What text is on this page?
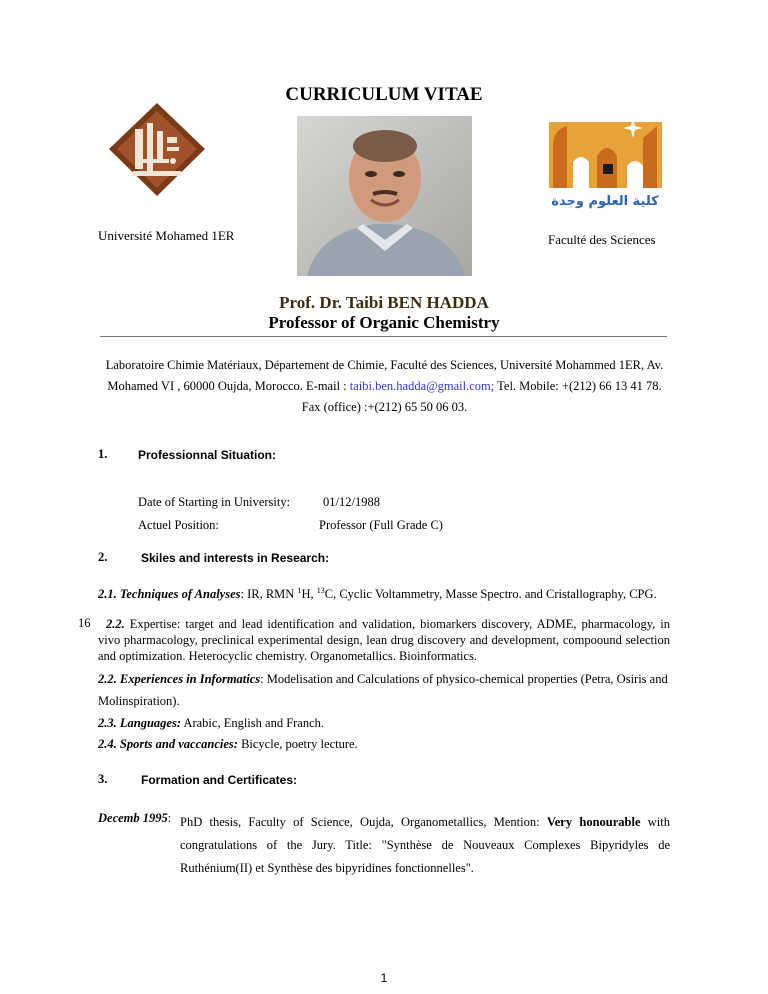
CURRICULUM VITAE
كلية العلوم وجدة
Université Mohamed 1ER	Faculté des Sciences
Prof. Dr. Taibi BEN HADDA
Professor of Organic Chemistry
Laboratoire Chimie Matériaux, Département de Chimie, Faculté des Sciences, Université Mohammed 1ER, Av.
Mohamed VI , 60000 Oujda, Morocco. E-mail : taibi.ben.hadda@gmail.com; Tel. Mobile: +(212) 66 13 41 78.
Fax (office) :+(212) 65 50 06 03.
1.	Professionnal Situation:
Date of Starting in University:	01/12/1988
Actuel Position:	Professor (Full Grade C)
2.	Skiles and interests in Research:
2.1. Techniques of Analyses: IR, RMN $^1$H, $^{13}$C, Cyclic Voltammetry, Masse Spectro. and Cristallography, CPG.
16	2.2. Expertise: target and lead identification and validation, biomarkers discovery, ADME, pharmacology, in vivo pharmacology, preclinical experimental design, lean drug discovery and development, compoound selection and optimization. Heterocyclic chemistry. Organometallics. Bioinformatics.
2.2. Experiences in Informatics: Modelisation and Calculations of physico-chemical properties (Petra, Osiris and
Molinspiration).
2.3. Languages: Arabic, English and Franch.
2.4. Sports and vaccancies: Bicycle, poetry lecture.
3.	Formation and Certificates:
Decemb 1995: PhD thesis, Faculty of Science, Oujda, Organometallics, Mention: Very honourable with
congratulations of the Jury. Title: "Synthèse de Nouveaux Complexes Bipyridyles de
Ruthénium(II) et Synthèse des bipyridines fonctionnelles".
1
